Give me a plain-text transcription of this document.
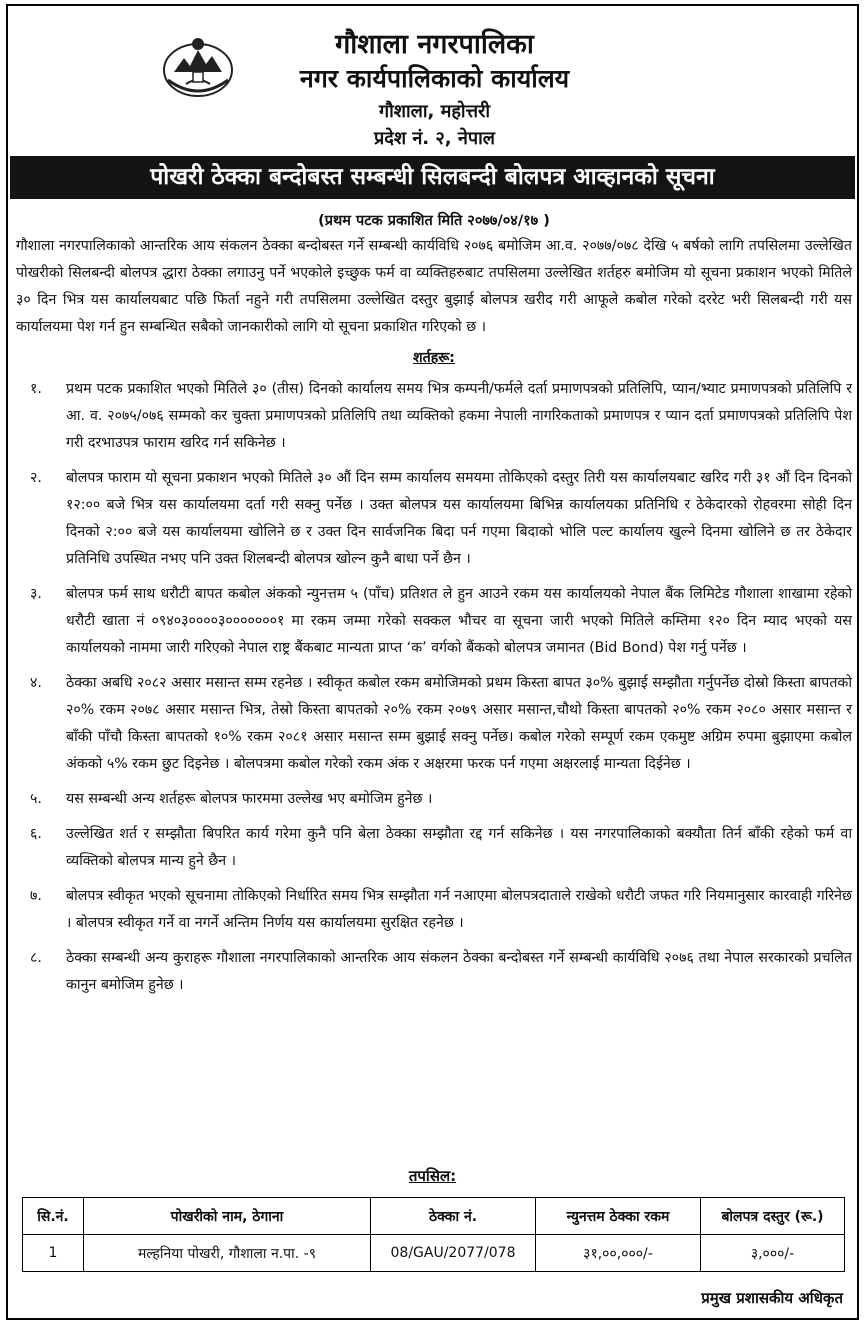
गौशाला नगरपालिका
नगर कार्यपालिकाको कार्यालय
गौशाला, महोत्तरी
प्रदेश नं. २, नेपाल
पोखरी ठेक्का बन्दोबस्त सम्बन्धी सिलबन्दी बोलपत्र आव्हानको सूचना

(प्रथम पटक प्रकाशित मिति २०७७/०४/१७ )

गौशाला नगरपालिकाको आन्तरिक आय संकलन ठेक्का बन्दोबस्त गर्ने सम्बन्धी कार्यविधि २०७६ बमोजिम आ.व. २०७७/०७८ देखि ५ बर्षको लागि तपसिलमा उल्लेखित पोखरीको सिलबन्दी बोलपत्र द्धारा ठेक्का लगाउनु पर्ने भएकोले इच्छुक फर्म वा व्यक्तिहरुबाट तपसिलमा उल्लेखित शर्तहरु बमोजिम यो सूचना प्रकाशन भएको मितिले ३० दिन भित्र यस कार्यालयबाट पछि फिर्ता नहुने गरी तपसिलमा उल्लेखित दस्तुर बुझाई बोलपत्र खरीद गरी आफूले कबोल गरेको दररेट भरी सिलबन्दी गरी यस कार्यालयमा पेश गर्न हुन सम्बन्धित सबैको जानकारीको लागि यो सूचना प्रकाशित गरिएको छ ।

शर्तहरू:
१.	प्रथम पटक प्रकाशित भएको मितिले ३० (तीस) दिनको कार्यालय समय भित्र कम्पनी/फर्मले दर्ता प्रमाणपत्रको प्रतिलिपि, प्यान/भ्याट प्रमाणपत्रको प्रतिलिपि र आ. व. २०७५/०७६ सम्मको कर चुक्ता प्रमाणपत्रको प्रतिलिपि तथा व्यक्तिको हकमा नेपाली नागरिकताको प्रमाणपत्र र प्यान दर्ता प्रमाणपत्रको प्रतिलिपि पेश गरी दरभाउपत्र फाराम खरिद गर्न सकिनेछ ।
२.	बोलपत्र फाराम यो सूचना प्रकाशन भएको मितिले ३० औं दिन सम्म कार्यालय समयमा तोकिएको दस्तुर तिरी यस कार्यालयबाट खरिद गरी ३१ औं दिन दिनको १२:०० बजे भित्र यस कार्यालयमा दर्ता गरी सक्नु पर्नेछ । उक्त बोलपत्र यस कार्यालयमा बिभिन्न कार्यालयका प्रतिनिधि र ठेकेदारको रोहवरमा सोही दिन दिनको २:०० बजे यस कार्यालयमा खोलिने छ र उक्त दिन सार्वजनिक बिदा पर्न गएमा बिदाको भोलि पल्ट कार्यालय खुल्ने दिनमा खोलिने छ तर ठेकेदार प्रतिनिधि उपस्थित नभए पनि उक्त शिलबन्दी बोलपत्र खोल्न कुनै बाधा पर्ने छैन ।
३.	बोलपत्र फर्म साथ धरौटी बापत कबोल अंकको न्युनत्तम ५ (पाँच) प्रतिशत ले हुन आउने रकम यस कार्यालयको नेपाल बैंक लिमिटेड गौशाला शाखामा रहेको धरौटी खाता नं ०९४०३००००३०००००००१ मा रकम जम्मा गरेको सक्कल भौचर वा सूचना जारी भएको मितिले कम्तिमा १२० दिन म्याद भएको यस कार्यालयको नाममा जारी गरिएको नेपाल राष्ट्र बैंकबाट मान्यता प्राप्त ‘क’ वर्गको बैंकको बोलपत्र जमानत (Bid Bond) पेश गर्नु पर्नेछ ।
४.	ठेक्का अबधि २०८२ असार मसान्त सम्म रहनेछ । स्वीकृत कबोल रकम बमोजिमको प्रथम किस्ता बापत ३०% बुझाई सम्झौता गर्नुपर्नेछ दोस्रो किस्ता बापतको २०% रकम २०७८ असार मसान्त भित्र, तेस्रो किस्ता बापतको २०% रकम २०७९ असार मसान्त,चौथो किस्ता बापतको २०% रकम २०८० असार मसान्त र बाँकी पाँचौ किस्ता बापतको १०% रकम २०८१ असार मसान्त सम्म बुझाई सक्नु पर्नेछ। कबोल गरेको सम्पूर्ण रकम एकमुष्ट अग्रिम रुपमा बुझाएमा कबोल अंकको ५% रकम छुट दिइनेछ । बोलपत्रमा कबोल गरेको रकम अंक र अक्षरमा फरक पर्न गएमा अक्षरलाई मान्यता दिईनेछ ।
५.	यस सम्बन्धी अन्य शर्तहरू बोलपत्र फारममा उल्लेख भए बमोजिम हुनेछ ।
६.	उल्लेखित शर्त र सम्झौता बिपरित कार्य गरेमा कुनै पनि बेला ठेक्का सम्झौता रद्द गर्न सकिनेछ । यस नगरपालिकाको बक्यौता तिर्न बाँकी रहेको फर्म वा व्यक्तिको बोलपत्र मान्य हुने छैन ।
७.	बोलपत्र स्वीकृत भएको सूचनामा तोकिएको निर्धारित समय भित्र सम्झौता गर्न नआएमा बोलपत्रदाताले राखेको धरौटी जफत गरि नियमानुसार कारवाही गरिनेछ । बोलपत्र स्वीकृत गर्ने वा नगर्ने अन्तिम निर्णय यस कार्यालयमा सुरक्षित रहनेछ ।
८.	ठेक्का सम्बन्धी अन्य कुराहरू गौशाला नगरपालिकाको आन्तरिक आय संकलन ठेक्का बन्दोबस्त गर्ने सम्बन्धी कार्यविधि २०७६ तथा नेपाल सरकारको प्रचलित कानुन बमोजिम हुनेछ ।
तपसिल:
सि.नं.	पोखरीको नाम, ठेगाना	ठेक्का नं.	न्युनत्तम ठेक्का रकम	बोलपत्र दस्तुर (रू.)
1	मल्हनिया पोखरी, गौशाला न.पा. -९	08/GAU/2077/078	३१,००,०००/-	३,०००/-
प्रमुख प्रशासकीय अधिकृत
